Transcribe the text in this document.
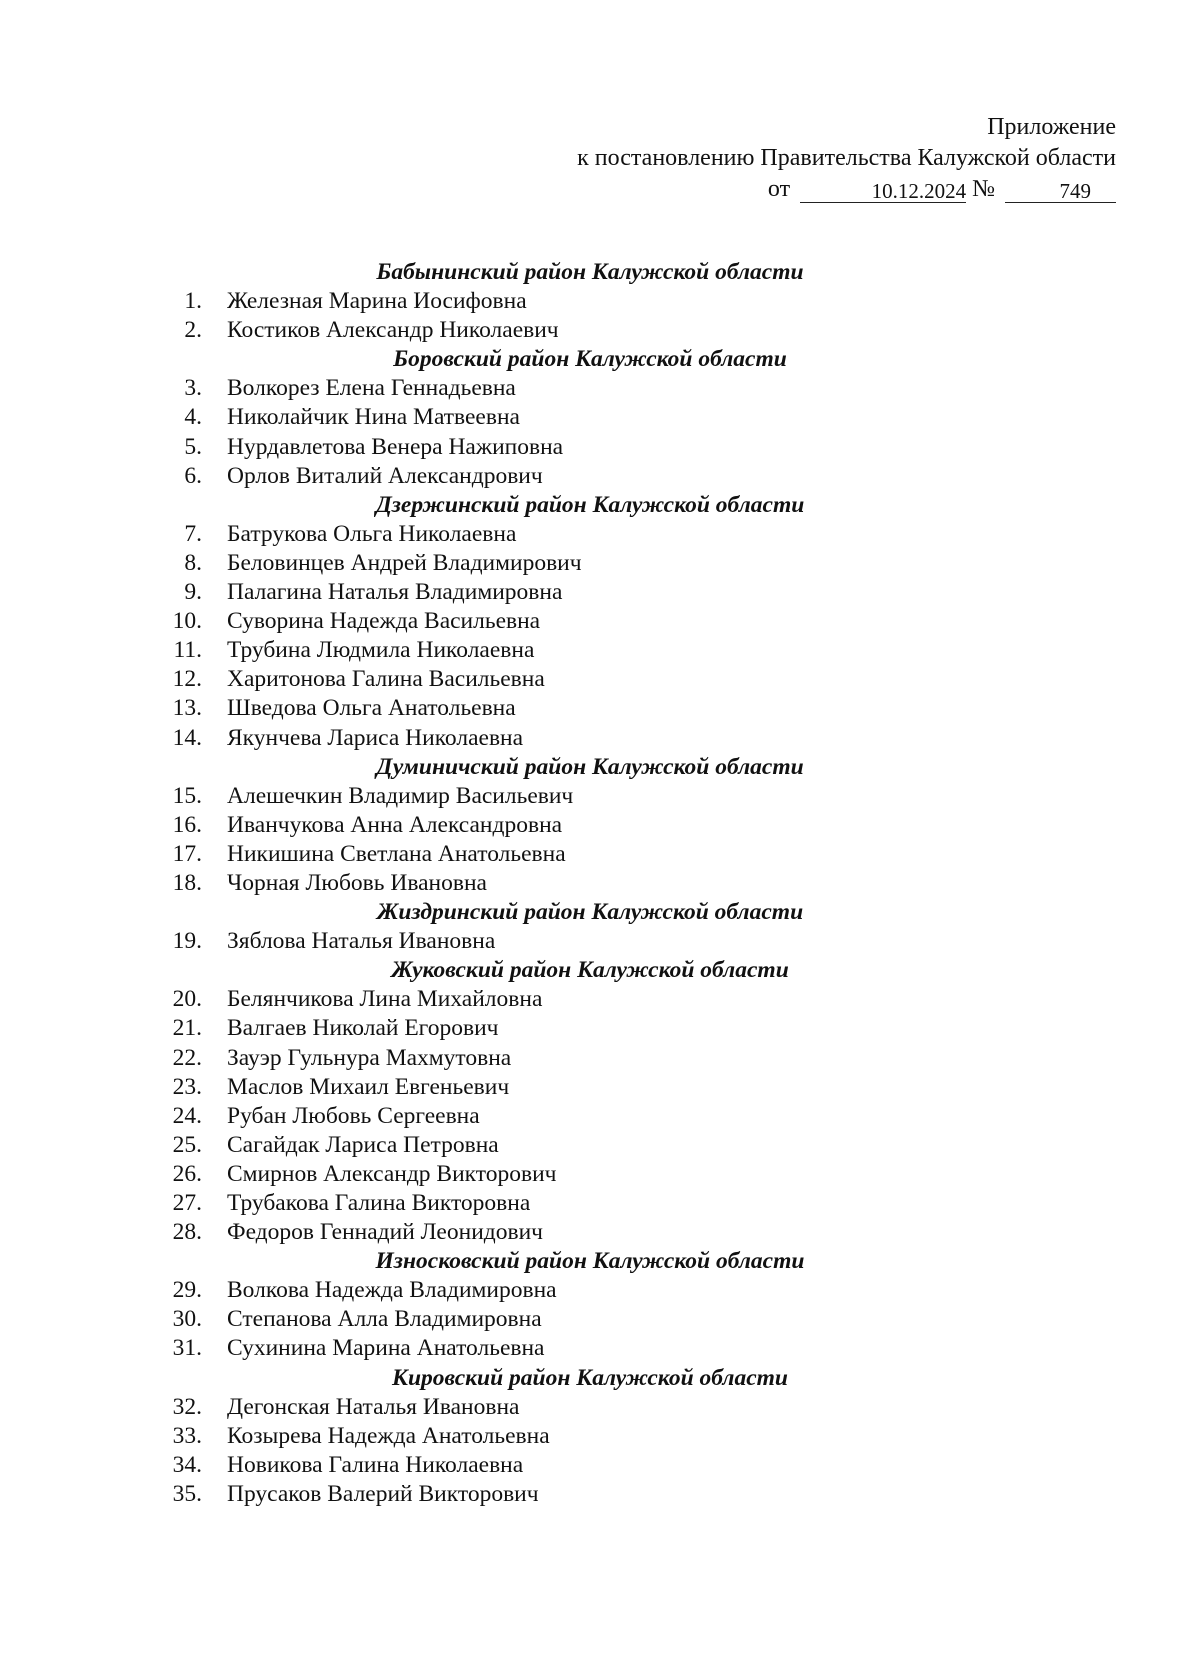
Приложение
к постановлению Правительства Калужской области
от	10.12.2024 №	749
Бабынинский район Калужской области
1.	Железная Марина Иосифовна
2.	Костиков Александр Николаевич
Боровский район Калужской области
3.	Волкорез Елена Геннадьевна
4.	Николайчик Нина Матвеевна
5.	Нурдавлетова Венера Нажиповна
6.	Орлов Виталий Александрович
Дзержинский район Калужской области
7.	Батрукова Ольга Николаевна
8.	Беловинцев Андрей Владимирович
9.	Палагина Наталья Владимировна
10.	Суворина Надежда Васильевна
11.	Трубина Людмила Николаевна
12.	Харитонова Галина Васильевна
13.	Шведова Ольга Анатольевна
14.	Якунчева Лариса Николаевна
Думиничский район Калужской области
15.	Алешечкин Владимир Васильевич
16.	Иванчукова Анна Александровна
17.	Никишина Светлана Анатольевна
18.	Чорная Любовь Ивановна
Жиздринский район Калужской области
19.	Зяблова Наталья Ивановна
Жуковский район Калужской области
20.	Белянчикова Лина Михайловна
21.	Валгаев Николай Егорович
22.	Зауэр Гульнура Махмутовна
23.	Маслов Михаил Евгеньевич
24.	Рубан Любовь Сергеевна
25.	Сагайдак Лариса Петровна
26.	Смирнов Александр Викторович
27.	Трубакова Галина Викторовна
28.	Федоров Геннадий Леонидович
Износковский район Калужской области
29.	Волкова Надежда Владимировна
30.	Степанова Алла Владимировна
31.	Сухинина Марина Анатольевна
Кировский район Калужской области
32.	Дегонская Наталья Ивановна
33.	Козырева Надежда Анатольевна
34.	Новикова Галина Николаевна
35.	Прусаков Валерий Викторович
